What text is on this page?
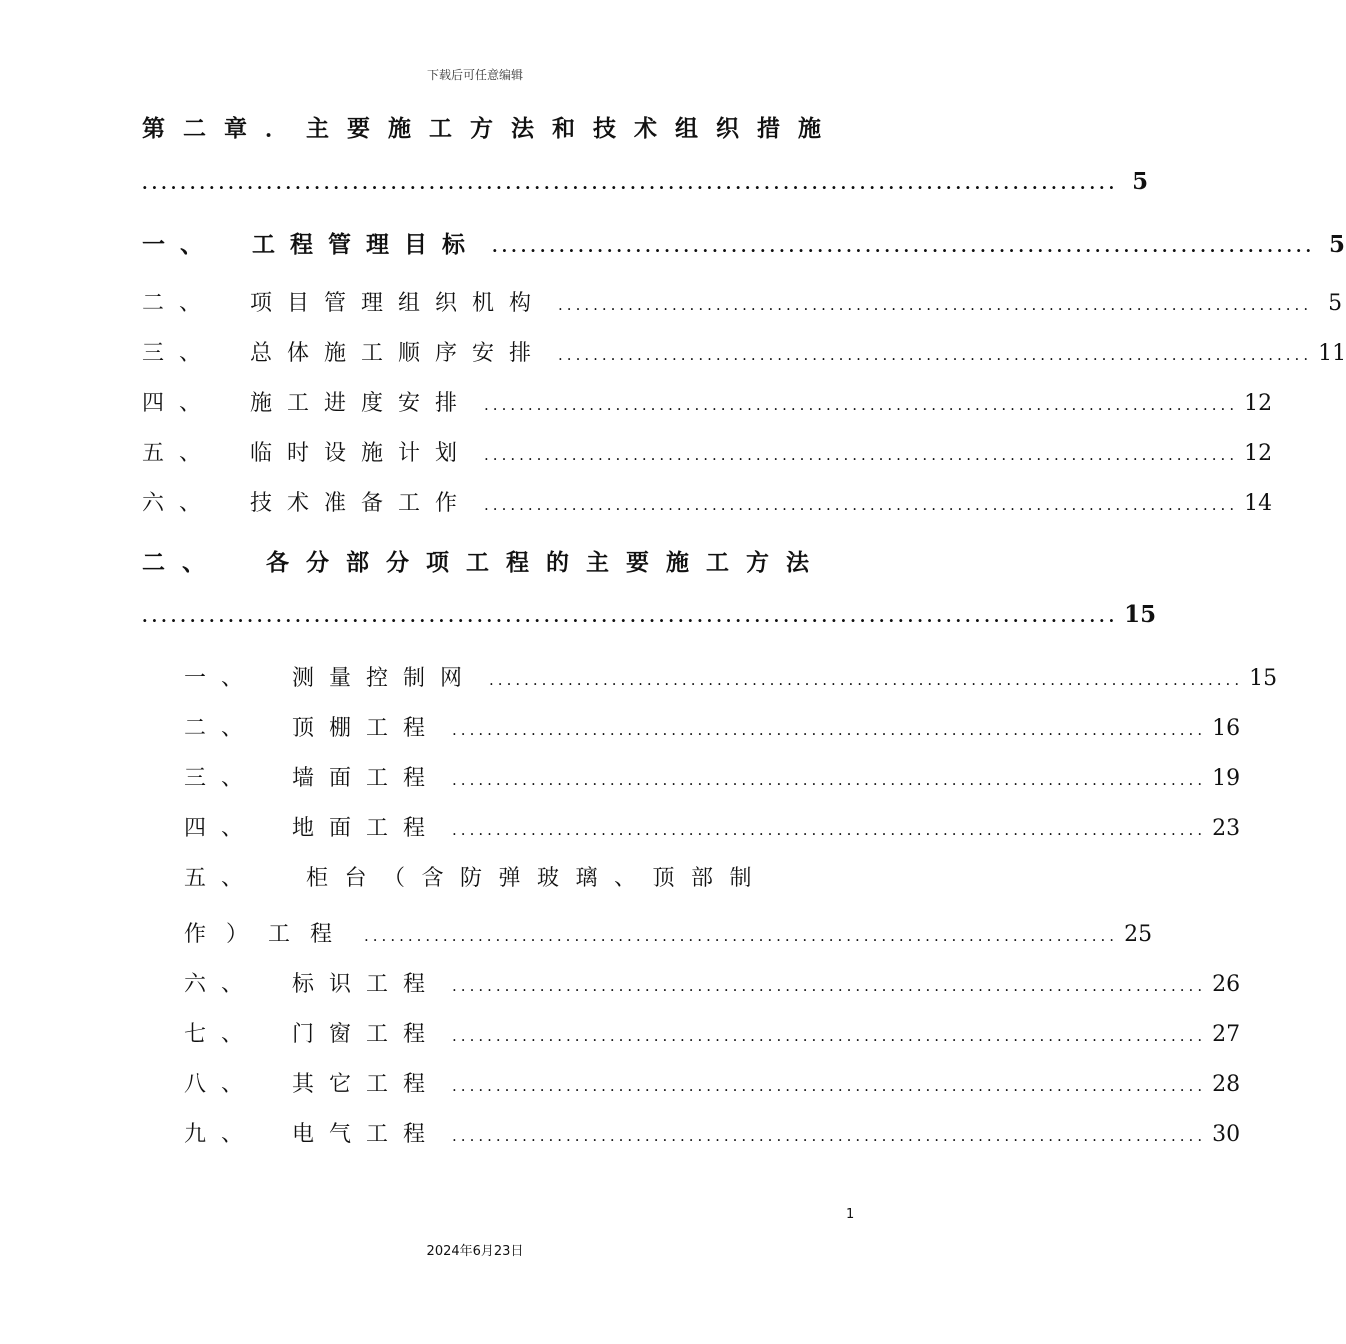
下载后可任意编辑
第二章．主要施工方法和技术组织措施
...................................................................................................... 5
一、 工程管理目标 ...................................................................................... 5
二、 项目管理组织机构 ...................................................................................... 5
三、 总体施工顺序安排 ...................................................................................... 11
四、 施工进度安排 ...................................................................................... 12
五、 临时设施计划 ...................................................................................... 12
六、 技术准备工作 ...................................................................................... 14
二、 各分部分项工程的主要施工方法
...................................................................................................... 15
一、 测量控制网 ...................................................................................... 15
二、 顶棚工程 ...................................................................................... 16
三、 墙面工程 ...................................................................................... 19
四、 地面工程 ...................................................................................... 23
五、 柜台（含防弹玻璃、顶部制
作）工程 ...................................................................................... 25
六、 标识工程 ...................................................................................... 26
七、 门窗工程 ...................................................................................... 27
八、 其它工程 ...................................................................................... 28
九、 电气工程 ...................................................................................... 30
1
2024年6月23日
